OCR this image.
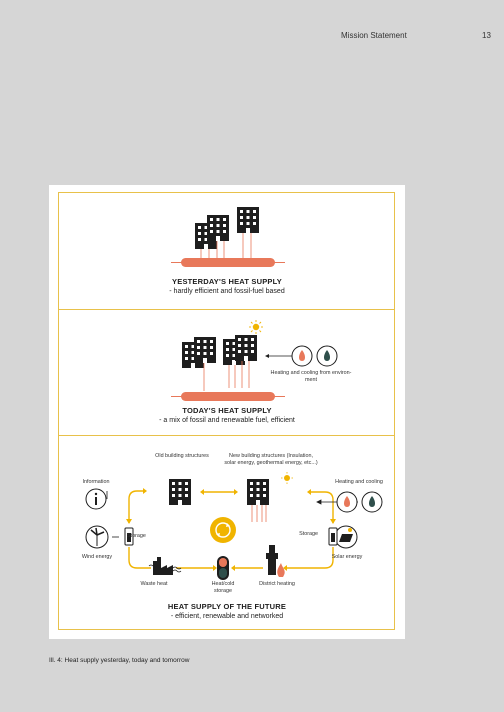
Mission Statement	13
YESTERDAY'S HEAT SUPPLY
- hardly efficient and fossil-fuel based
Heating and cooling from environ-
ment
TODAY'S HEAT SUPPLY
- a mix of fossil and renewable fuel, efficient
Old building structures	New building structures (Insulation,
solar energy, geothermal energy, etc...)
Information	Heating and cooling
Storage	Storage
Wind energy	Solar energy
Waste heat	Heat/cold
storage
District heating
HEAT SUPPLY OF THE FUTURE
- efficient, renewable and networked
Ill. 4: Heat supply yesterday, today and tomorrow
